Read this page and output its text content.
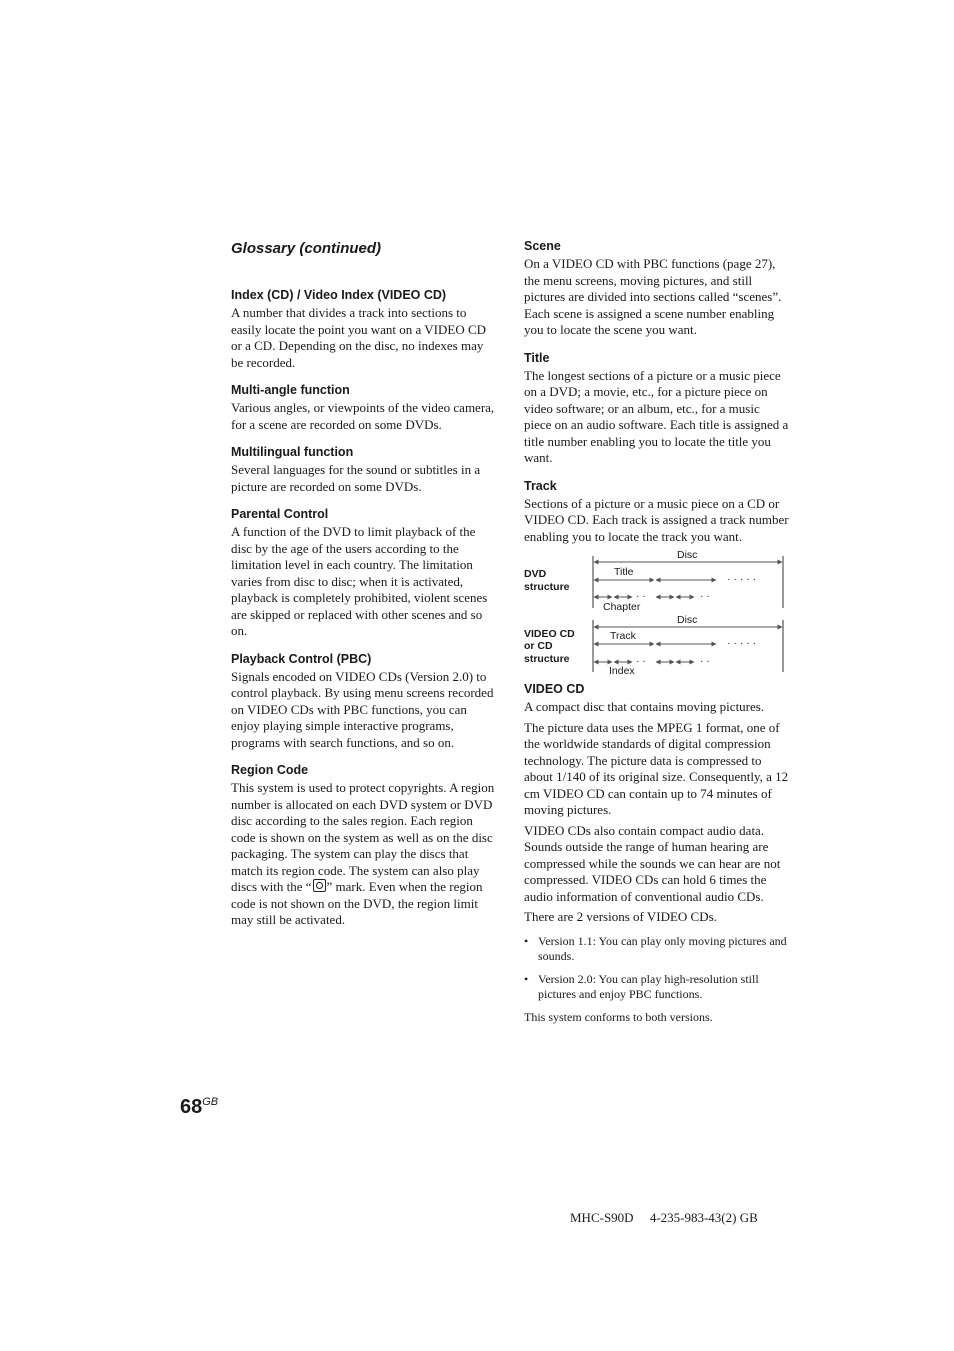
Glossary (continued)
Index (CD) / Video Index (VIDEO CD)

A number that divides a track into sections to easily locate the point you want on a VIDEO CD or a CD. Depending on the disc, no indexes may be recorded.

Multi-angle function

Various angles, or viewpoints of the video camera, for a scene are recorded on some DVDs.

Multilingual function

Several languages for the sound or subtitles in a picture are recorded on some DVDs.

Parental Control

A function of the DVD to limit playback of the disc by the age of the users according to the limitation level in each country. The limitation varies from disc to disc; when it is activated, playback is completely prohibited, violent scenes are skipped or replaced with other scenes and so on.

Playback Control (PBC)

Signals encoded on VIDEO CDs (Version 2.0) to control playback. By using menu screens recorded on VIDEO CDs with PBC functions, you can enjoy playing simple interactive programs, programs with search functions, and so on.

Region Code

This system is used to protect copyrights. A region number is allocated on each DVD system or DVD disc according to the sales region. Each region code is shown on the system as well as on the disc packaging. The system can play the discs that match its region code. The system can also play discs with the “ ” mark. Even when the region code is not shown on the DVD, the region limit may still be activated.

Scene

On a VIDEO CD with PBC functions (page 27), the menu screens, moving pictures, and still pictures are divided into sections called “scenes”. Each scene is assigned a scene number enabling you to locate the scene you want.

Title

The longest sections of a picture or a music piece on a DVD; a movie, etc., for a picture piece on video software; or an album, etc., for a music piece on an audio software. Each title is assigned a title number enabling you to locate the title you want.

Track

Sections of a picture or a music piece on a CD or VIDEO CD. Each track is assigned a track number enabling you to locate the track you want.

DVD
structure
Disc
Title
· · · · ·
· ·	· ·
Chapter
VIDEO CD
or CD
structure
Disc
Track
· · · · ·
· ·	· ·
Index
VIDEO CD

A compact disc that contains moving pictures.

The picture data uses the MPEG 1 format, one of the worldwide standards of digital compression technology. The picture data is compressed to about 1/140 of its original size. Consequently, a 12 cm VIDEO CD can contain up to 74 minutes of moving pictures.

VIDEO CDs also contain compact audio data. Sounds outside the range of human hearing are compressed while the sounds we can hear are not compressed. VIDEO CDs can hold 6 times the audio information of conventional audio CDs.

There are 2 versions of VIDEO CDs.

• Version 1.1: You can play only moving pictures and sounds.
• Version 2.0: You can play high-resolution still pictures and enjoy PBC functions.

This system conforms to both versions.

$68^{GB}$
MHC-S90D  4-235-983-43(2) GB
